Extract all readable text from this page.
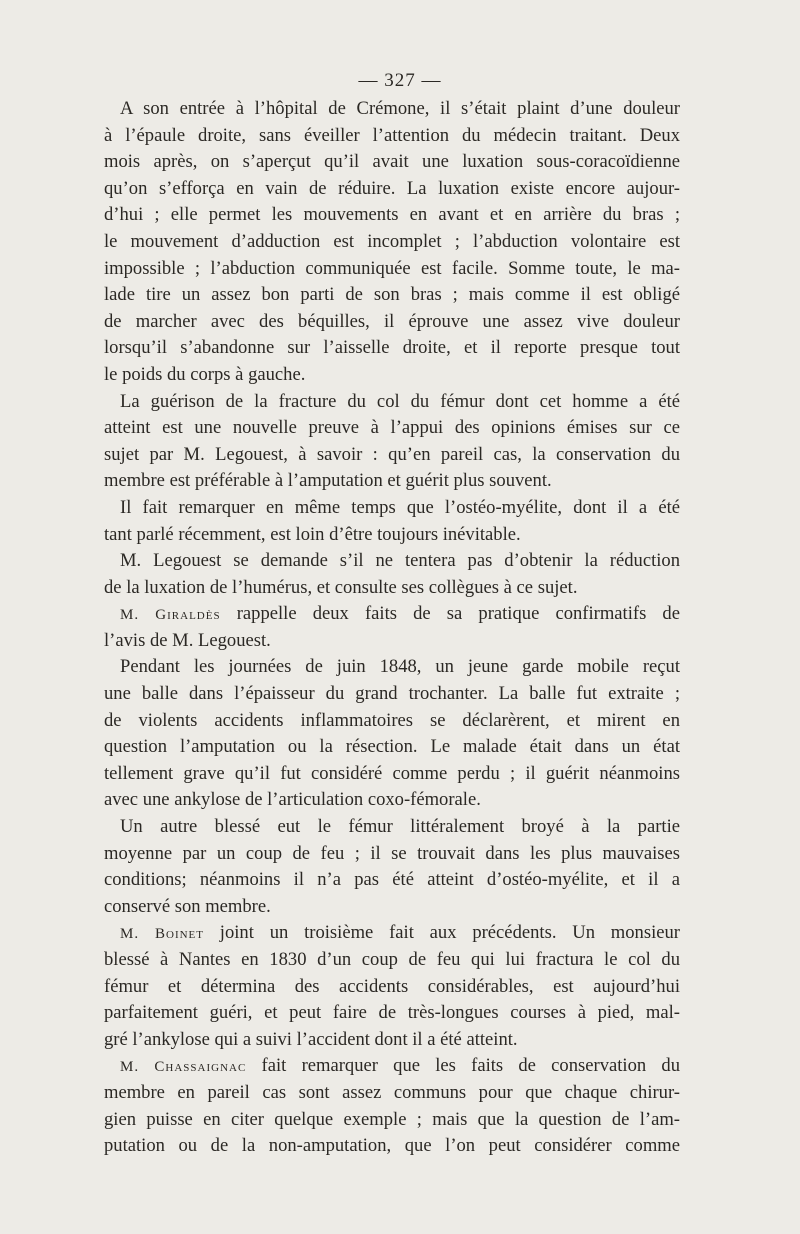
— 327 —
A son entrée à l’hôpital de Crémone, il s’était plaint d’une douleur
à l’épaule droite, sans éveiller l’attention du médecin traitant. Deux
mois après, on s’aperçut qu’il avait une luxation sous-coracoïdienne
qu’on s’efforça en vain de réduire. La luxation existe encore aujour-
d’hui ; elle permet les mouvements en avant et en arrière du bras ;
le mouvement d’adduction est incomplet ; l’abduction volontaire est
impossible ; l’abduction communiquée est facile. Somme toute, le ma-
lade tire un assez bon parti de son bras ; mais comme il est obligé
de marcher avec des béquilles, il éprouve une assez vive douleur
lorsqu’il s’abandonne sur l’aisselle droite, et il reporte presque tout
le poids du corps à gauche.
La guérison de la fracture du col du fémur dont cet homme a été
atteint est une nouvelle preuve à l’appui des opinions émises sur ce
sujet par M. Legouest, à savoir : qu’en pareil cas, la conservation du
membre est préférable à l’amputation et guérit plus souvent.
Il fait remarquer en même temps que l’ostéo-myélite, dont il a été
tant parlé récemment, est loin d’être toujours inévitable.
M. Legouest se demande s’il ne tentera pas d’obtenir la réduction
de la luxation de l’humérus, et consulte ses collègues à ce sujet.
M. Giraldès rappelle deux faits de sa pratique confirmatifs de
l’avis de M. Legouest.
Pendant les journées de juin 1848, un jeune garde mobile reçut
une balle dans l’épaisseur du grand trochanter. La balle fut extraite ;
de violents accidents inflammatoires se déclarèrent, et mirent en
question l’amputation ou la résection. Le malade était dans un état
tellement grave qu’il fut considéré comme perdu ; il guérit néanmoins
avec une ankylose de l’articulation coxo-fémorale.
Un autre blessé eut le fémur littéralement broyé à la partie
moyenne par un coup de feu ; il se trouvait dans les plus mauvaises
conditions; néanmoins il n’a pas été atteint d’ostéo-myélite, et il a
conservé son membre.
M. Boinet joint un troisième fait aux précédents. Un monsieur
blessé à Nantes en 1830 d’un coup de feu qui lui fractura le col du
fémur et détermina des accidents considérables, est aujourd’hui
parfaitement guéri, et peut faire de très-longues courses à pied, mal-
gré l’ankylose qui a suivi l’accident dont il a été atteint.
M. Chassaignac fait remarquer que les faits de conservation du
membre en pareil cas sont assez communs pour que chaque chirur-
gien puisse en citer quelque exemple ; mais que la question de l’am-
putation ou de la non-amputation, que l’on peut considérer comme
